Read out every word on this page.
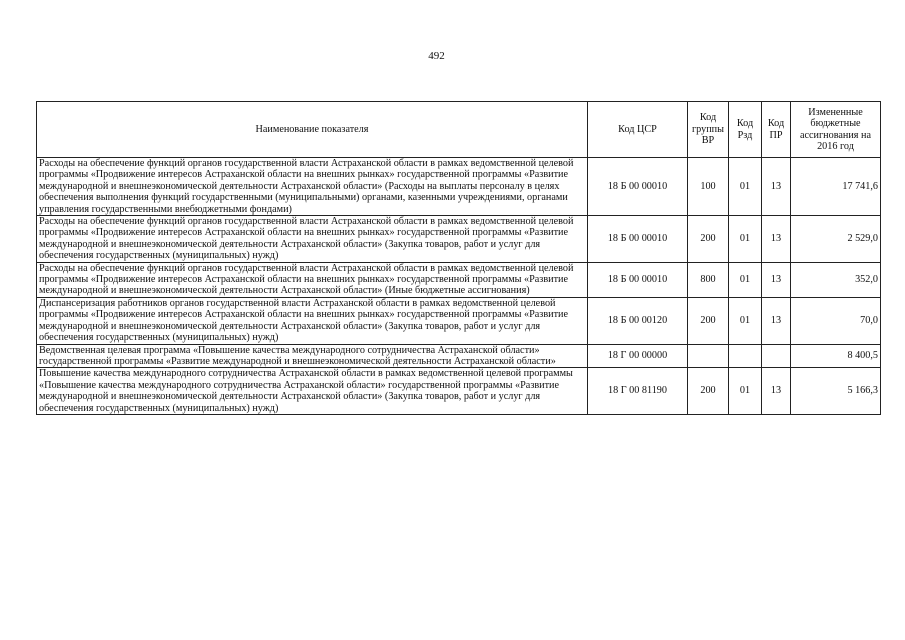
492
Наименование показателя	Код ЦСР	Код группы ВР	Код Рзд	Код ПР	Измененные бюджетные ассигнования на 2016 год
Расходы на обеспечение функций органов государственной власти Астраханской области в рамках ведомственной целевой программы «Продвижение интересов Астраханской области на внешних рынках» государственной программы «Развитие международной и внешнеэкономической деятельности Астраханской области» (Расходы на выплаты персоналу в целях обеспечения выполнения функций государственными (муниципальными) органами, казенными учреждениями, органами управления государственными внебюджетными фондами)	18 Б 00 00010	100	01	13	17 741,6
Расходы на обеспечение функций органов государственной власти Астраханской области в рамках ведомственной целевой программы «Продвижение интересов Астраханской области на внешних рынках» государственной программы «Развитие международной и внешнеэкономической деятельности Астраханской области» (Закупка товаров, работ и услуг для обеспечения государственных (муниципальных) нужд)	18 Б 00 00010	200	01	13	2 529,0
Расходы на обеспечение функций органов государственной власти Астраханской области в рамках ведомственной целевой программы «Продвижение интересов Астраханской области на внешних рынках» государственной программы «Развитие международной и внешнеэкономической деятельности Астраханской области» (Иные бюджетные ассигнования)	18 Б 00 00010	800	01	13	352,0
Диспансеризация работников органов государственной власти Астраханской области в рамках ведомственной целевой программы «Продвижение интересов Астраханской области на внешних рынках» государственной программы «Развитие международной и внешнеэкономической деятельности Астраханской области» (Закупка товаров, работ и услуг для обеспечения государственных (муниципальных) нужд)	18 Б 00 00120	200	01	13	70,0
Ведомственная целевая программа «Повышение качества международного сотрудничества Астраханской области» государственной программы «Развитие международной и внешнеэкономической деятельности Астраханской области»	18 Г 00 00000				8 400,5
Повышение качества международного сотрудничества Астраханской области в рамках ведомственной целевой программы «Повышение качества международного сотрудничества Астраханской области» государственной программы «Развитие международной и внешнеэкономической деятельности Астраханской области» (Закупка товаров, работ и услуг для обеспечения государственных (муниципальных) нужд)	18 Г 00 81190	200	01	13	5 166,3
